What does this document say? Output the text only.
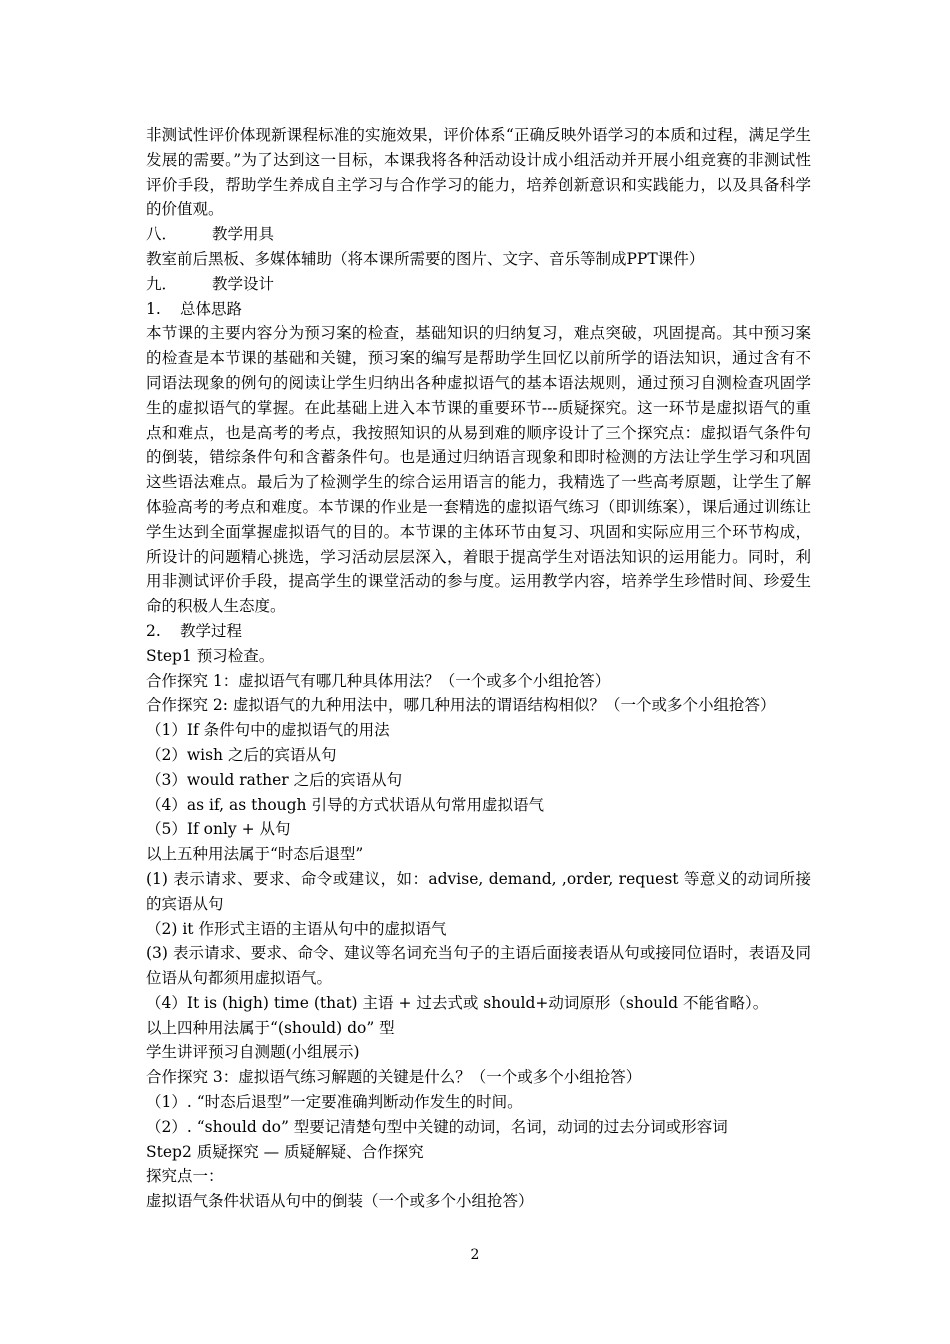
非测试性评价体现新课程标准的实施效果，评价体系“正确反映外语学习的本质和过程，满足学生发展的需要。”为了达到这一目标，本课我将各种活动设计成小组活动并开展小组竞赛的非测试性评价手段，帮助学生养成自主学习与合作学习的能力，培养创新意识和实践能力，以及具备科学的价值观。
八．	教学用具
教室前后黑板、多媒体辅助（将本课所需要的图片、文字、音乐等制成PPT课件）
九．	教学设计
1.	总体思路
本节课的主要内容分为预习案的检查，基础知识的归纳复习，难点突破，巩固提高。其中预习案的检查是本节课的基础和关键，预习案的编写是帮助学生回忆以前所学的语法知识，通过含有不同语法现象的例句的阅读让学生归纳出各种虚拟语气的基本语法规则，通过预习自测检查巩固学生的虚拟语气的掌握。在此基础上进入本节课的重要环节---质疑探究。这一环节是虚拟语气的重点和难点，也是高考的考点，我按照知识的从易到难的顺序设计了三个探究点：虚拟语气条件句的倒装，错综条件句和含蓄条件句。也是通过归纳语言现象和即时检测的方法让学生学习和巩固这些语法难点。最后为了检测学生的综合运用语言的能力，我精选了一些高考原题，让学生了解体验高考的考点和难度。本节课的作业是一套精选的虚拟语气练习（即训练案），课后通过训练让学生达到全面掌握虚拟语气的目的。本节课的主体环节由复习、巩固和实际应用三个环节构成，所设计的问题精心挑选，学习活动层层深入，着眼于提高学生对语法知识的运用能力。同时，利用非测试评价手段，提高学生的课堂活动的参与度。运用教学内容，培养学生珍惜时间、珍爱生命的积极人生态度。
2.	教学过程
Step1 预习检查。
合作探究 1：虚拟语气有哪几种具体用法？（一个或多个小组抢答）
合作探究 2: 虚拟语气的九种用法中，哪几种用法的谓语结构相似？（一个或多个小组抢答）
（1）If 条件句中的虚拟语气的用法
（2）wish 之后的宾语从句
（3）would rather 之后的宾语从句
（4）as if, as though 引导的方式状语从句常用虚拟语气
（5）If only + 从句
以上五种用法属于“时态后退型”
(1) 表示请求、要求、命令或建议，如：advise, demand, ,order, request 等意义的动词所接的宾语从句
（2) it 作形式主语的主语从句中的虚拟语气
(3) 表示请求、要求、命令、建议等名词充当句子的主语后面接表语从句或接同位语时，表语及同位语从句都须用虚拟语气。
（4）It is (high) time (that) 主语 + 过去式或 should+动词原形（should 不能省略）。
以上四种用法属于“(should) do” 型
学生讲评预习自测题(小组展示)
合作探究 3：虚拟语气练习解题的关键是什么？（一个或多个小组抢答）
（1）. “时态后退型”一定要准确判断动作发生的时间。
（2）. “should do” 型要记清楚句型中关键的动词，名词，动词的过去分词或形容词
Step2 质疑探究 — 质疑解疑、合作探究
探究点一：
虚拟语气条件状语从句中的倒装（一个或多个小组抢答）
2
